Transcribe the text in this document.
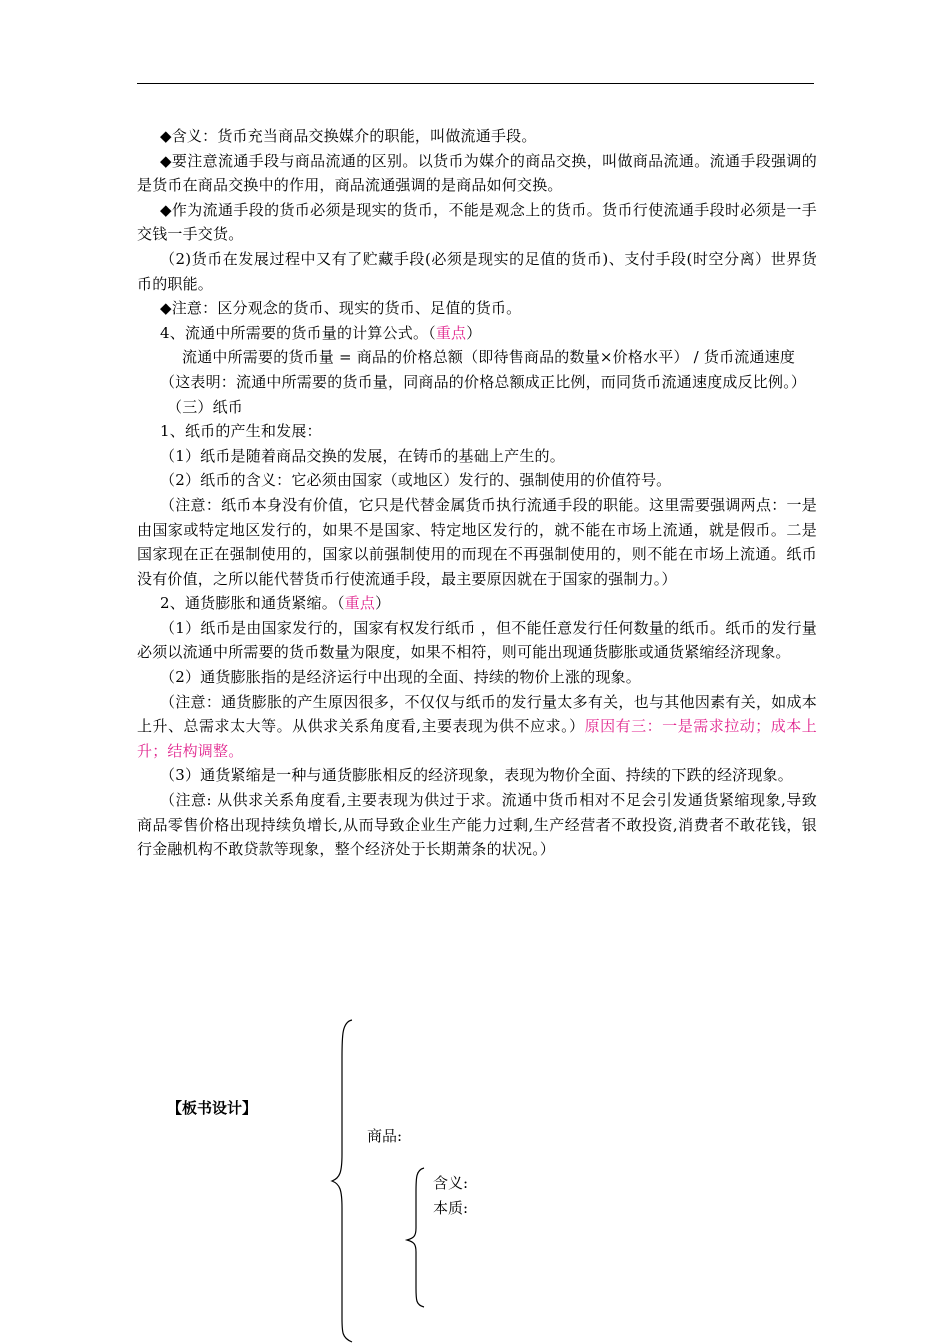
◆含义：货币充当商品交换媒介的职能，叫做流通手段。

◆要注意流通手段与商品流通的区别。以货币为媒介的商品交换，叫做商品流通。流通手段强调的是货币在商品交换中的作用，商品流通强调的是商品如何交换。

◆作为流通手段的货币必须是现实的货币，不能是观念上的货币。货币行使流通手段时必须是一手交钱一手交货。

（2)货币在发展过程中又有了贮藏手段(必须是现实的足值的货币)、支付手段(时空分离）世界货币的职能。

◆注意：区分观念的货币、现实的货币、足值的货币。

4、流通中所需要的货币量的计算公式。（重点）

流通中所需要的货币量 = 商品的价格总额（即待售商品的数量×价格水平） / 货币流通速度

（这表明：流通中所需要的货币量，同商品的价格总额成正比例，而同货币流通速度成反比例。）

（三）纸币

1、纸币的产生和发展：

（1）纸币是随着商品交换的发展，在铸币的基础上产生的。

（2）纸币的含义：它必须由国家（或地区）发行的、强制使用的价值符号。

（注意：纸币本身没有价值，它只是代替金属货币执行流通手段的职能。这里需要强调两点：一是由国家或特定地区发行的，如果不是国家、特定地区发行的，就不能在市场上流通，就是假币。二是国家现在正在强制使用的，国家以前强制使用的而现在不再强制使用的，则不能在市场上流通。纸币没有价值，之所以能代替货币行使流通手段，最主要原因就在于国家的强制力。）

2、通货膨胀和通货紧缩。（重点）

（1）纸币是由国家发行的，国家有权发行纸币 ，但不能任意发行任何数量的纸币。纸币的发行量必须以流通中所需要的货币数量为限度，如果不相符，则可能出现通货膨胀或通货紧缩经济现象。

（2）通货膨胀指的是经济运行中出现的全面、持续的物价上涨的现象。

（注意：通货膨胀的产生原因很多，不仅仅与纸币的发行量太多有关，也与其他因素有关，如成本上升、总需求太大等。从供求关系角度看,主要表现为供不应求。）原因有三：一是需求拉动；成本上升；结构调整。

（3）通货紧缩是一种与通货膨胀相反的经济现象，表现为物价全面、持续的下跌的经济现象。

（注意: 从供求关系角度看,主要表现为供过于求。流通中货币相对不足会引发通货紧缩现象,导致商品零售价格出现持续负增长,从而导致企业生产能力过剩,生产经营者不敢投资,消费者不敢花钱，银行金融机构不敢贷款等现象，整个经济处于长期萧条的状况。）

【板书设计】
商品:
含义:
本质:
